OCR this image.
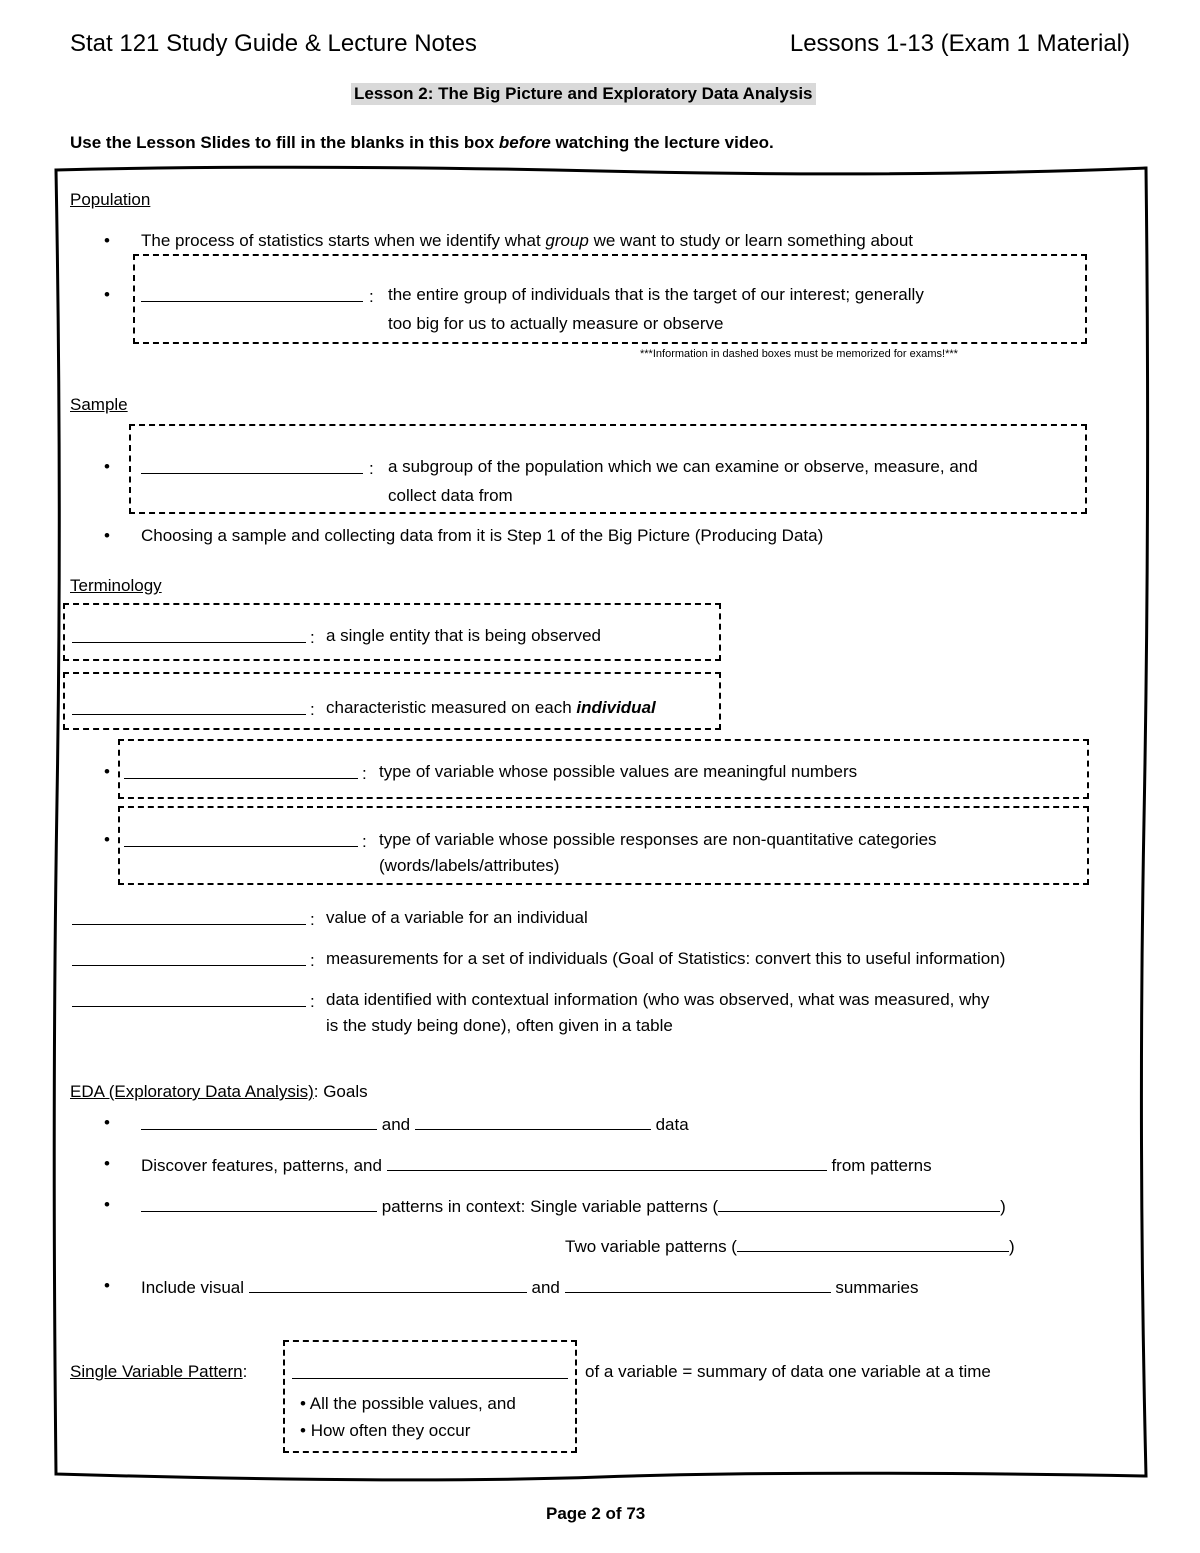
Stat 121 Study Guide & Lecture Notes	Lessons 1-13 (Exam 1 Material)
Lesson 2: The Big Picture and Exploratory Data Analysis
Use the Lesson Slides to fill in the blanks in this box before watching the lecture video.
Population
• The process of statistics starts when we identify what group we want to study or learn something about
•	: the entire group of individuals that is the target of our interest; generally
too big for us to actually measure or observe
***Information in dashed boxes must be memorized for exams!***
Sample
•	: a subgroup of the population which we can examine or observe, measure, and
collect data from
• Choosing a sample and collecting data from it is Step 1 of the Big Picture (Producing Data)
Terminology
: a single entity that is being observed
: characteristic measured on each individual
•	: type of variable whose possible values are meaningful numbers
•	: type of variable whose possible responses are non-quantitative categories
(words/labels/attributes)
: value of a variable for an individual
: measurements for a set of individuals (Goal of Statistics: convert this to useful information)
: data identified with contextual information (who was observed, what was measured, why
is the study being done), often given in a table
EDA (Exploratory Data Analysis): Goals
•	and	data
• Discover features, patterns, and	from patterns
•	patterns in context: Single variable patterns (	)
Two variable patterns (	)
• Include visual	and	summaries
Single Variable Pattern:	of a variable = summary of data one variable at a time
• All the possible values, and
• How often they occur
Page 2 of 73
